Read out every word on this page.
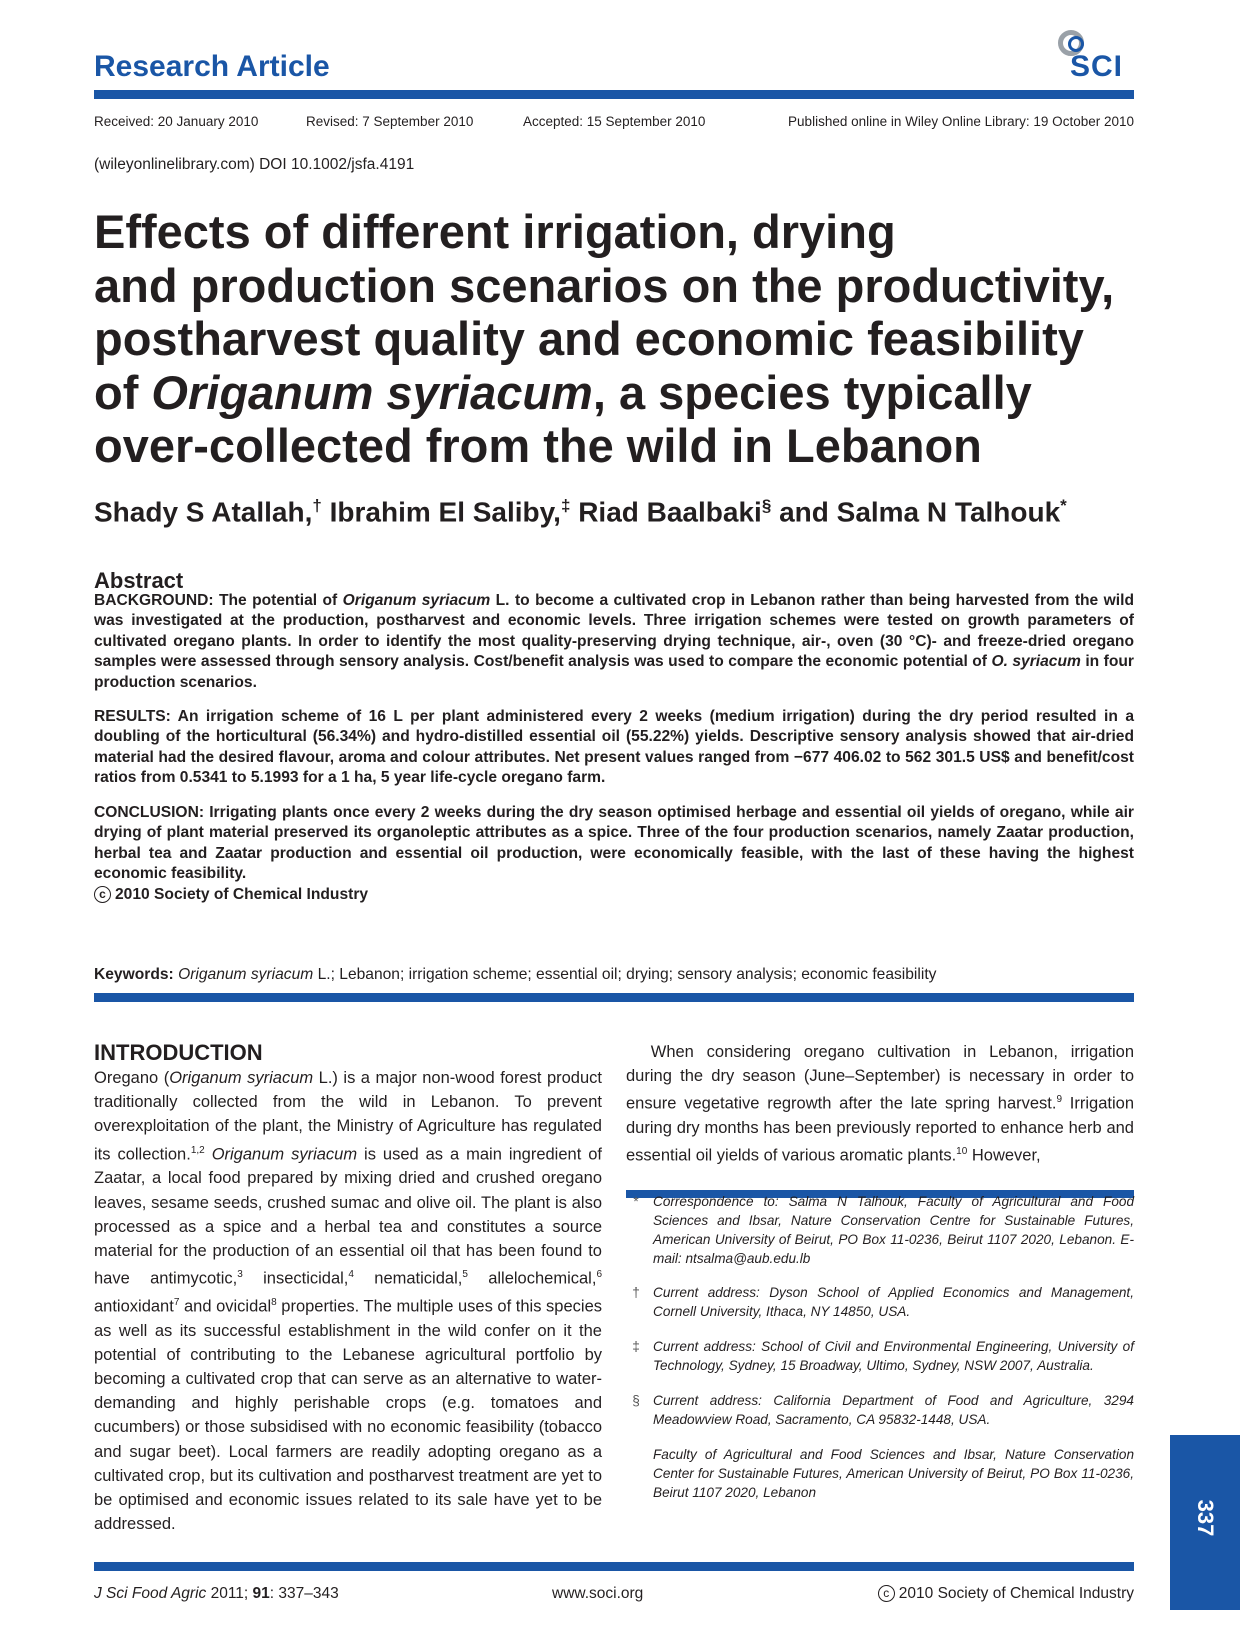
Research Article	SCI
Received: 20 January 2010	Revised: 7 September 2010	Accepted: 15 September 2010	Published online in Wiley Online Library: 19 October 2010
(wileyonlinelibrary.com) DOI 10.1002/jsfa.4191
Effects of different irrigation, drying
and production scenarios on the productivity,
postharvest quality and economic feasibility
of Origanum syriacum, a species typically
over-collected from the wild in Lebanon
Shady S Atallah,† Ibrahim El Saliby,‡ Riad Baalbaki§ and Salma N Talhouk*
Abstract
BACKGROUND: The potential of Origanum syriacum L. to become a cultivated crop in Lebanon rather than being harvested from the wild was investigated at the production, postharvest and economic levels. Three irrigation schemes were tested on growth parameters of cultivated oregano plants. In order to identify the most quality-preserving drying technique, air-, oven (30 °C)- and freeze-dried oregano samples were assessed through sensory analysis. Cost/benefit analysis was used to compare the economic potential of O. syriacum in four production scenarios.
RESULTS: An irrigation scheme of 16 L per plant administered every 2 weeks (medium irrigation) during the dry period resulted in a doubling of the horticultural (56.34%) and hydro-distilled essential oil (55.22%) yields. Descriptive sensory analysis showed that air-dried material had the desired flavour, aroma and colour attributes. Net present values ranged from −677 406.02 to 562 301.5 US$ and benefit/cost ratios from 0.5341 to 5.1993 for a 1 ha, 5 year life-cycle oregano farm.
CONCLUSION: Irrigating plants once every 2 weeks during the dry season optimised herbage and essential oil yields of oregano, while air drying of plant material preserved its organoleptic attributes as a spice. Three of the four production scenarios, namely Zaatar production, herbal tea and Zaatar production and essential oil production, were economically feasible, with the last of these having the highest economic feasibility.
c 2010 Society of Chemical Industry
Keywords: Origanum syriacum L.; Lebanon; irrigation scheme; essential oil; drying; sensory analysis; economic feasibility
INTRODUCTION
Oregano (Origanum syriacum L.) is a major non-wood forest product traditionally collected from the wild in Lebanon. To prevent overexploitation of the plant, the Ministry of Agriculture has regulated its collection.$^{1,2}$ Origanum syriacum is used as a main ingredient of Zaatar, a local food prepared by mixing dried and crushed oregano leaves, sesame seeds, crushed sumac and olive oil. The plant is also processed as a spice and a herbal tea and constitutes a source material for the production of an essential oil that has been found to have antimycotic,$^3$ insecticidal,$^4$ nematicidal,$^5$ allelochemical,$^6$ antioxidant$^7$ and ovicidal$^8$ properties. The multiple uses of this species as well as its successful establishment in the wild confer on it the potential of contributing to the Lebanese agricultural portfolio by becoming a cultivated crop that can serve as an alternative to water-demanding and highly perishable crops (e.g. tomatoes and cucumbers) or those subsidised with no economic feasibility (tobacco and sugar beet). Local farmers are readily adopting oregano as a cultivated crop, but its cultivation and postharvest treatment are yet to be optimised and economic issues related to its sale have yet to be addressed.
  When considering oregano cultivation in Lebanon, irrigation during the dry season (June–September) is necessary in order to ensure vegetative regrowth after the late spring harvest.$^9$ Irrigation during dry months has been previously reported to enhance herb and essential oil yields of various aromatic plants.$^{10}$ However,
*	Correspondence to: Salma N Talhouk, Faculty of Agricultural and Food Sciences and Ibsar, Nature Conservation Centre for Sustainable Futures, American University of Beirut, PO Box 11-0236, Beirut 1107 2020, Lebanon. E-mail: ntsalma@aub.edu.lb
† Current address: Dyson School of Applied Economics and Management, Cornell University, Ithaca, NY 14850, USA.
‡ Current address: School of Civil and Environmental Engineering, University of Technology, Sydney, 15 Broadway, Ultimo, Sydney, NSW 2007, Australia.
§ Current address: California Department of Food and Agriculture, 3294 Meadowview Road, Sacramento, CA 95832-1448, USA.
Faculty of Agricultural and Food Sciences and Ibsar, Nature Conservation Center for Sustainable Futures, American University of Beirut, PO Box 11-0236, Beirut 1107 2020, Lebanon
337
J Sci Food Agric 2011; 91: 337–343	www.soci.org	c 2010 Society of Chemical Industry
